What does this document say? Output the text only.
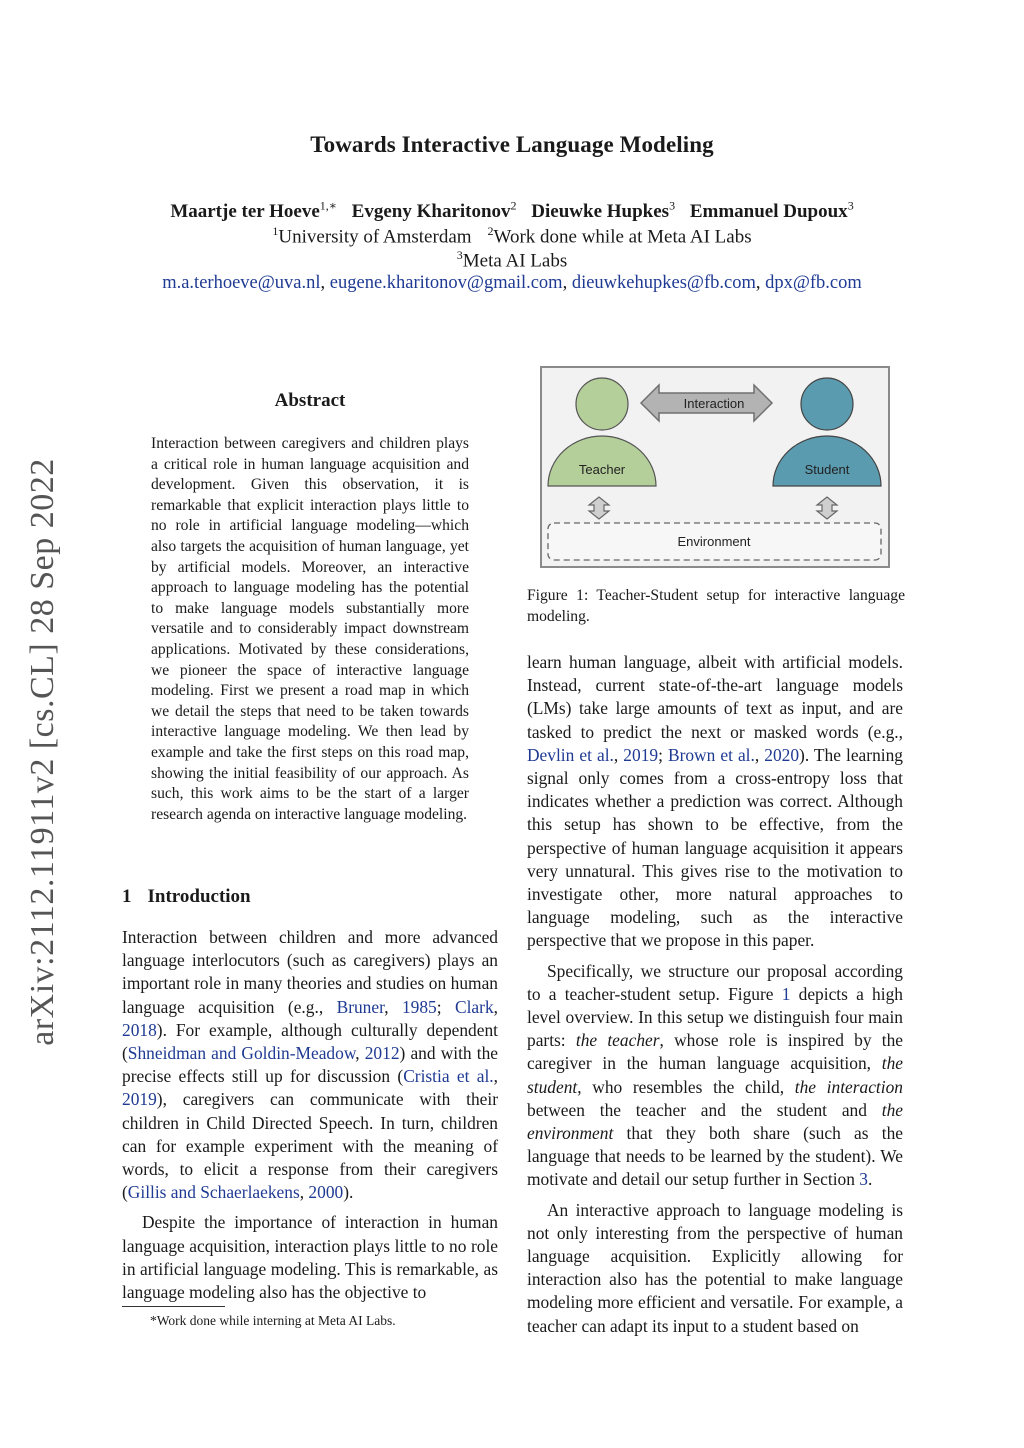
arXiv:2112.11911v2 [cs.CL] 28 Sep 2022
Towards Interactive Language Modeling
Maartje ter Hoeve$^{1,∗}$ Evgeny Kharitonov$^2$ Dieuwke Hupkes$^3$ Emmanuel Dupoux$^3$
$^1$University of Amsterdam $^2$Work done while at Meta AI Labs
$^3$Meta AI Labs
m.a.terhoeve@uva.nl, eugene.kharitonov@gmail.com, dieuwkehupkes@fb.com, dpx@fb.com
Abstract
Interaction between caregivers and children plays a critical role in human language acquisition and development. Given this observation, it is remarkable that explicit interaction plays little to no role in artificial language modeling—which also targets the acquisition of human language, yet by artificial models. Moreover, an interactive approach to language modeling has the potential to make language models substantially more versatile and to considerably impact downstream applications. Motivated by these considerations, we pioneer the space of interactive language modeling. First we present a road map in which we detail the steps that need to be taken towards interactive language modeling. We then lead by example and take the first steps on this road map, showing the initial feasibility of our approach. As such, this work aims to be the start of a larger research agenda on interactive language modeling.
1 Introduction

Interaction between children and more advanced language interlocutors (such as caregivers) plays an important role in many theories and studies on human language acquisition (e.g., Bruner, 1985; Clark, 2018). For example, although culturally dependent (Shneidman and Goldin-Meadow, 2012) and with the precise effects still up for discussion (Cristia et al., 2019), caregivers can communicate with their children in Child Directed Speech. In turn, children can for example experiment with the meaning of words, to elicit a response from their caregivers (Gillis and Schaerlaekens, 2000).

Despite the importance of interaction in human language acquisition, interaction plays little to no role in artificial language modeling. This is remarkable, as language modeling also has the objective to

*Work done while interning at Meta AI Labs.
Interaction
Teacher	Student
Environment
Figure 1: Teacher-Student setup for interactive language modeling.

learn human language, albeit with artificial models. Instead, current state-of-the-art language models (LMs) take large amounts of text as input, and are tasked to predict the next or masked words (e.g., Devlin et al., 2019; Brown et al., 2020). The learning signal only comes from a cross-entropy loss that indicates whether a prediction was correct. Although this setup has shown to be effective, from the perspective of human language acquisition it appears very unnatural. This gives rise to the motivation to investigate other, more natural approaches to language modeling, such as the interactive perspective that we propose in this paper.

Specifically, we structure our proposal according to a teacher-student setup. Figure 1 depicts a high level overview. In this setup we distinguish four main parts: the teacher, whose role is inspired by the caregiver in the human language acquisition, the student, who resembles the child, the interaction between the teacher and the student and the environment that they both share (such as the language that needs to be learned by the student). We motivate and detail our setup further in Section 3.

An interactive approach to language modeling is not only interesting from the perspective of human language acquisition. Explicitly allowing for interaction also has the potential to make language modeling more efficient and versatile. For example, a teacher can adapt its input to a student based on
